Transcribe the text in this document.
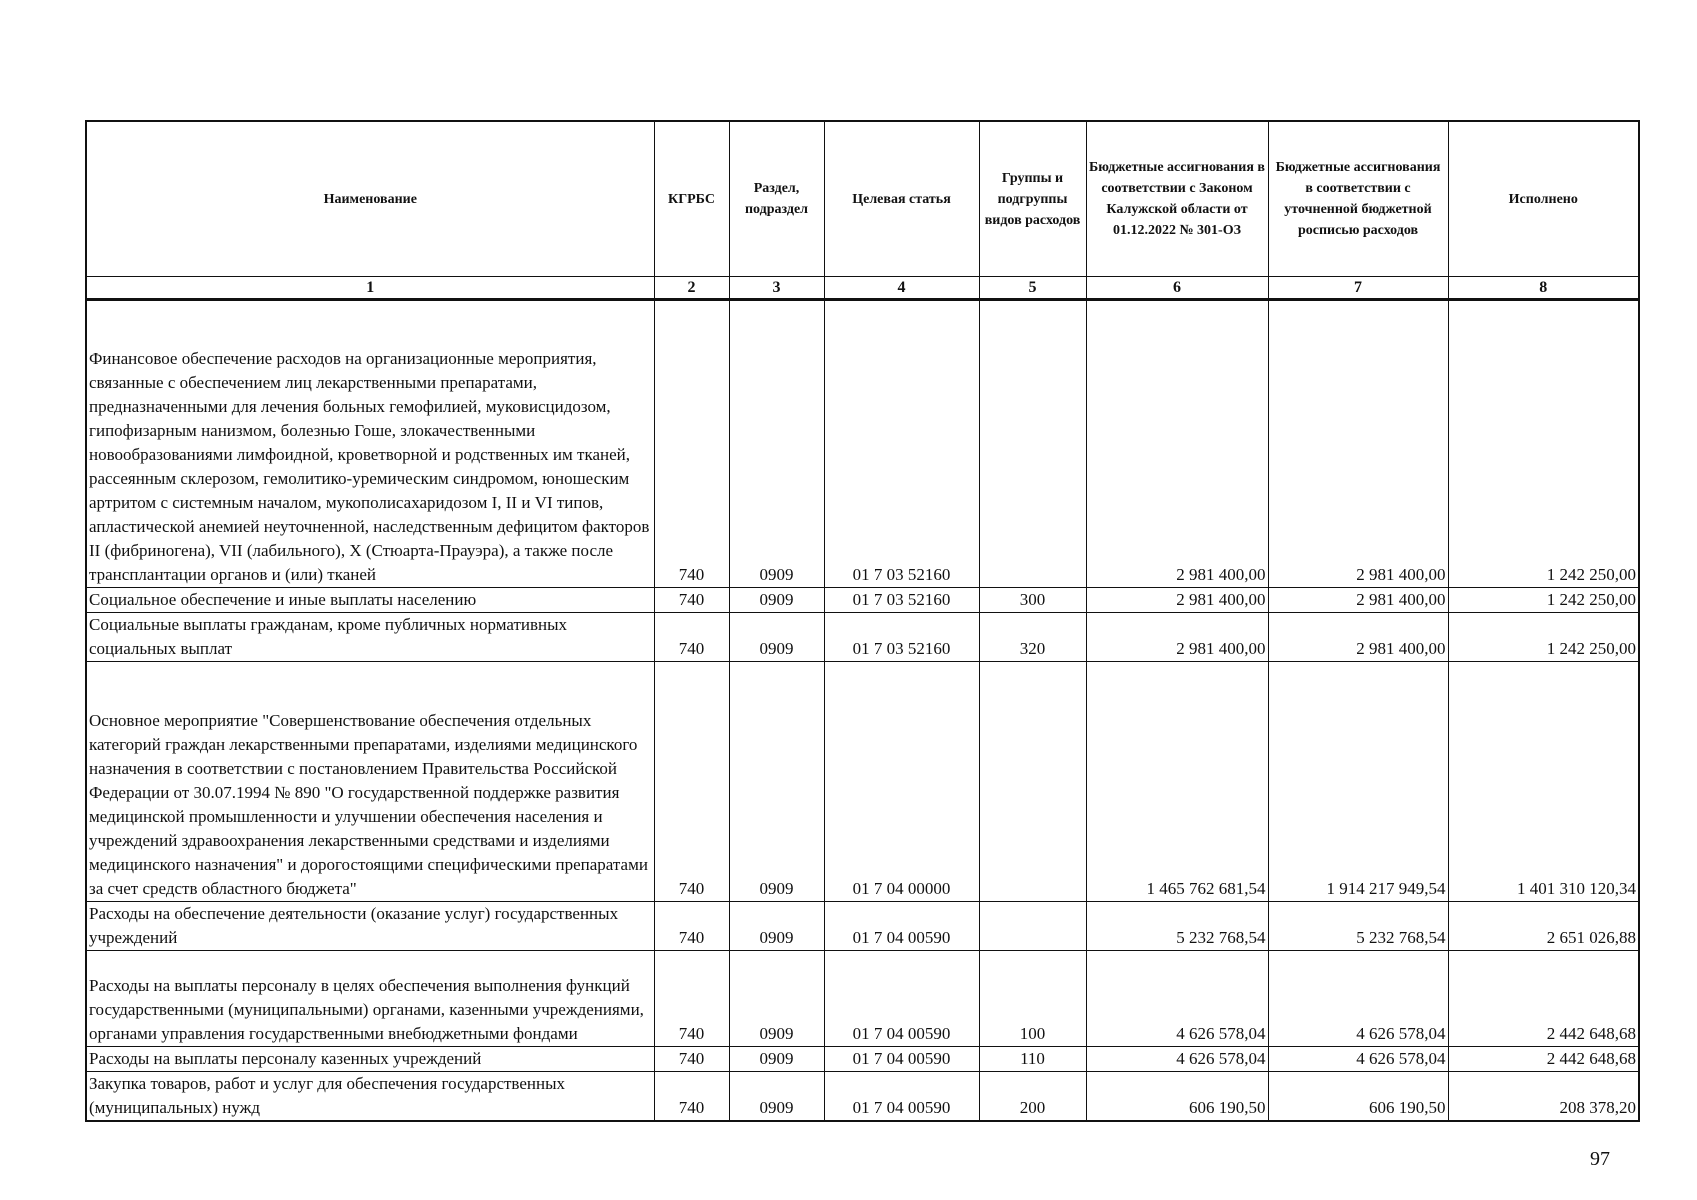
Наименование	КГРБС	Раздел, подраздел	Целевая статья	Группы и подгруппы видов расходов	Бюджетные ассигнования в соответствии с Законом Калужской области от 01.12.2022 № 301-ОЗ	Бюджетные ассигнования в соответствии с уточненной бюджетной росписью расходов	Исполнено
1	2	3	4	5	6	7	8
Финансовое обеспечение расходов на организационные мероприятия, связанные с обеспечением лиц лекарственными препаратами, предназначенными для лечения больных гемофилией, муковисцидозом, гипофизарным нанизмом, болезнью Гоше, злокачественными новообразованиями лимфоидной, кроветворной и родственных им тканей, рассеянным склерозом, гемолитико-уремическим синдромом, юношеским артритом с системным началом, мукополисахаридозом I, II и VI типов, апластической анемией неуточненной, наследственным дефицитом факторов II (фибриногена), VII (лабильного), X (Стюарта-Прауэра), а также после трансплантации органов и (или) тканей	740	0909	01 7 03 52160		2 981 400,00	2 981 400,00	1 242 250,00
Социальное обеспечение и иные выплаты населению	740	0909	01 7 03 52160	300	2 981 400,00	2 981 400,00	1 242 250,00
Социальные выплаты гражданам, кроме публичных нормативных социальных выплат	740	0909	01 7 03 52160	320	2 981 400,00	2 981 400,00	1 242 250,00
Основное мероприятие "Совершенствование обеспечения отдельных категорий граждан лекарственными препаратами, изделиями медицинского назначения в соответствии с постановлением Правительства Российской Федерации от 30.07.1994 № 890 "О государственной поддержке развития медицинской промышленности и улучшении обеспечения населения и учреждений здравоохранения лекарственными средствами и изделиями медицинского назначения" и дорогостоящими специфическими препаратами за счет средств областного бюджета"	740	0909	01 7 04 00000		1 465 762 681,54	1 914 217 949,54	1 401 310 120,34
Расходы на обеспечение деятельности (оказание услуг) государственных учреждений	740	0909	01 7 04 00590		5 232 768,54	5 232 768,54	2 651 026,88
Расходы на выплаты персоналу в целях обеспечения выполнения функций государственными (муниципальными) органами, казенными учреждениями, органами управления государственными внебюджетными фондами	740	0909	01 7 04 00590	100	4 626 578,04	4 626 578,04	2 442 648,68
Расходы на выплаты персоналу казенных учреждений	740	0909	01 7 04 00590	110	4 626 578,04	4 626 578,04	2 442 648,68
Закупка товаров, работ и услуг для обеспечения государственных (муниципальных) нужд	740	0909	01 7 04 00590	200	606 190,50	606 190,50	208 378,20
97
